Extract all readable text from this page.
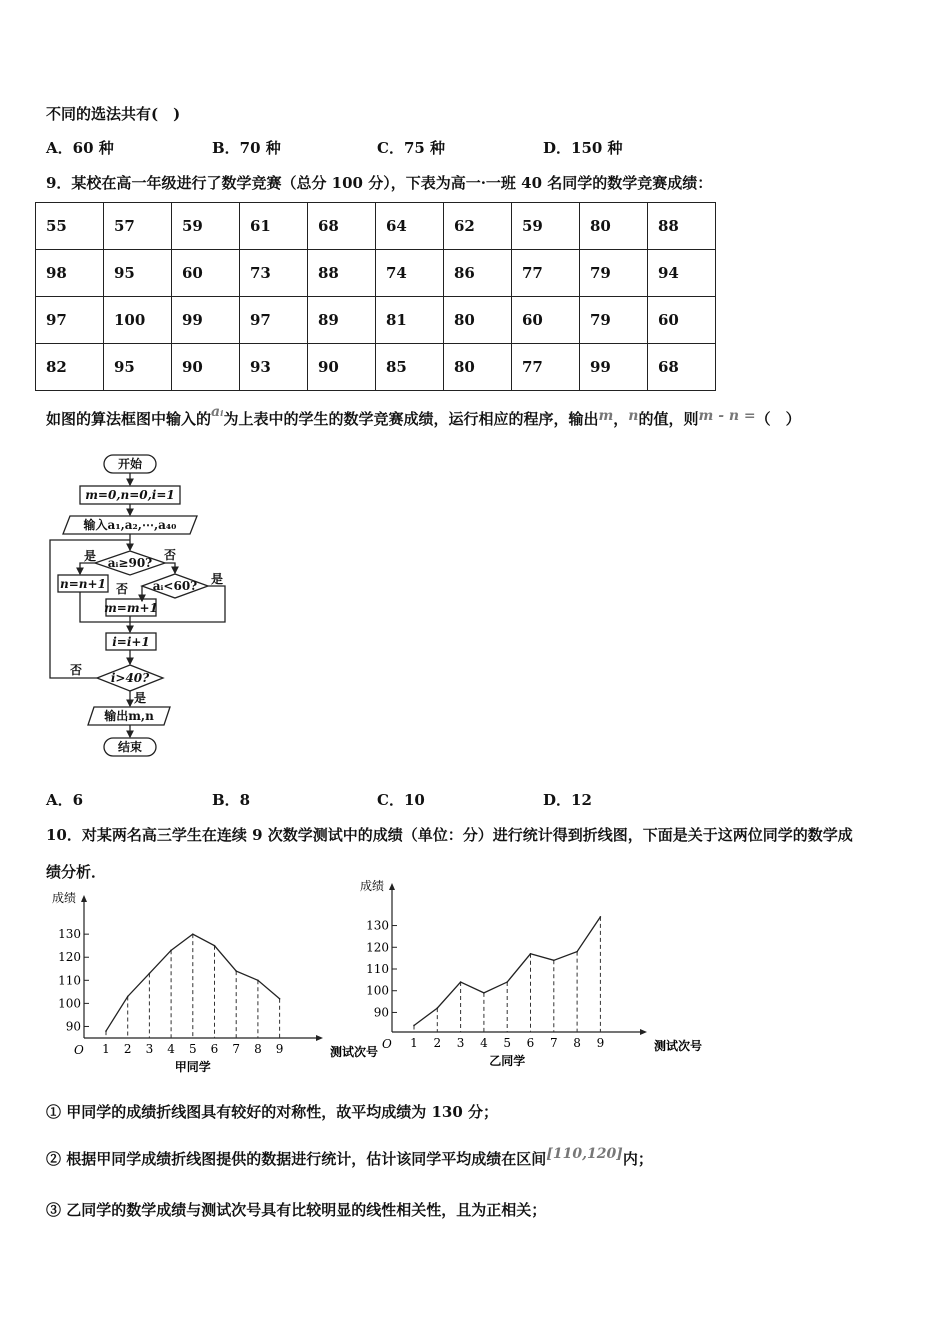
不同的选法共有(　)
A．60 种	B．70 种	C．75 种	D．150 种
9．某校在高一年级进行了数学竞赛（总分 100 分），下表为高一·一班 40 名同学的数学竞赛成绩：
55	57	59	61	68	64	62	59	80	88
98	95	60	73	88	74	86	77	79	94
97	100	99	97	89	81	80	60	79	60
82	95	90	93	90	85	80	77	99	68
如图的算法框图中输入的aᵢ为上表中的学生的数学竞赛成绩，运行相应的程序，输出m，n的值，则m - n =（　）
开始
m=0,n=0,i=1
输入a₁,a₂,⋯,a₄₀
aᵢ≥90?
aᵢ<60?
n=n+1
m=m+1
i=i+1
i>40?
输出m,n
结束
是	否
是
否
否
是
A．6	B．8	C．10	D．12
10．对某两名高三学生在连续 9 次数学测试中的成绩（单位：分）进行统计得到折线图，下面是关于这两位同学的数学成
绩分析．
成绩
O
90
100
110
120
130
1 2 3 4 5 6 7 8 9	测试次号
甲同学
成绩
O
90
100
110
120
130
1 2 3 4 5 6 7 8 9	测试次号
乙同学
① 甲同学的成绩折线图具有较好的对称性，故平均成绩为 130 分；
② 根据甲同学成绩折线图提供的数据进行统计，估计该同学平均成绩在区间[110,120]内；
③ 乙同学的数学成绩与测试次号具有比较明显的线性相关性，且为正相关；
